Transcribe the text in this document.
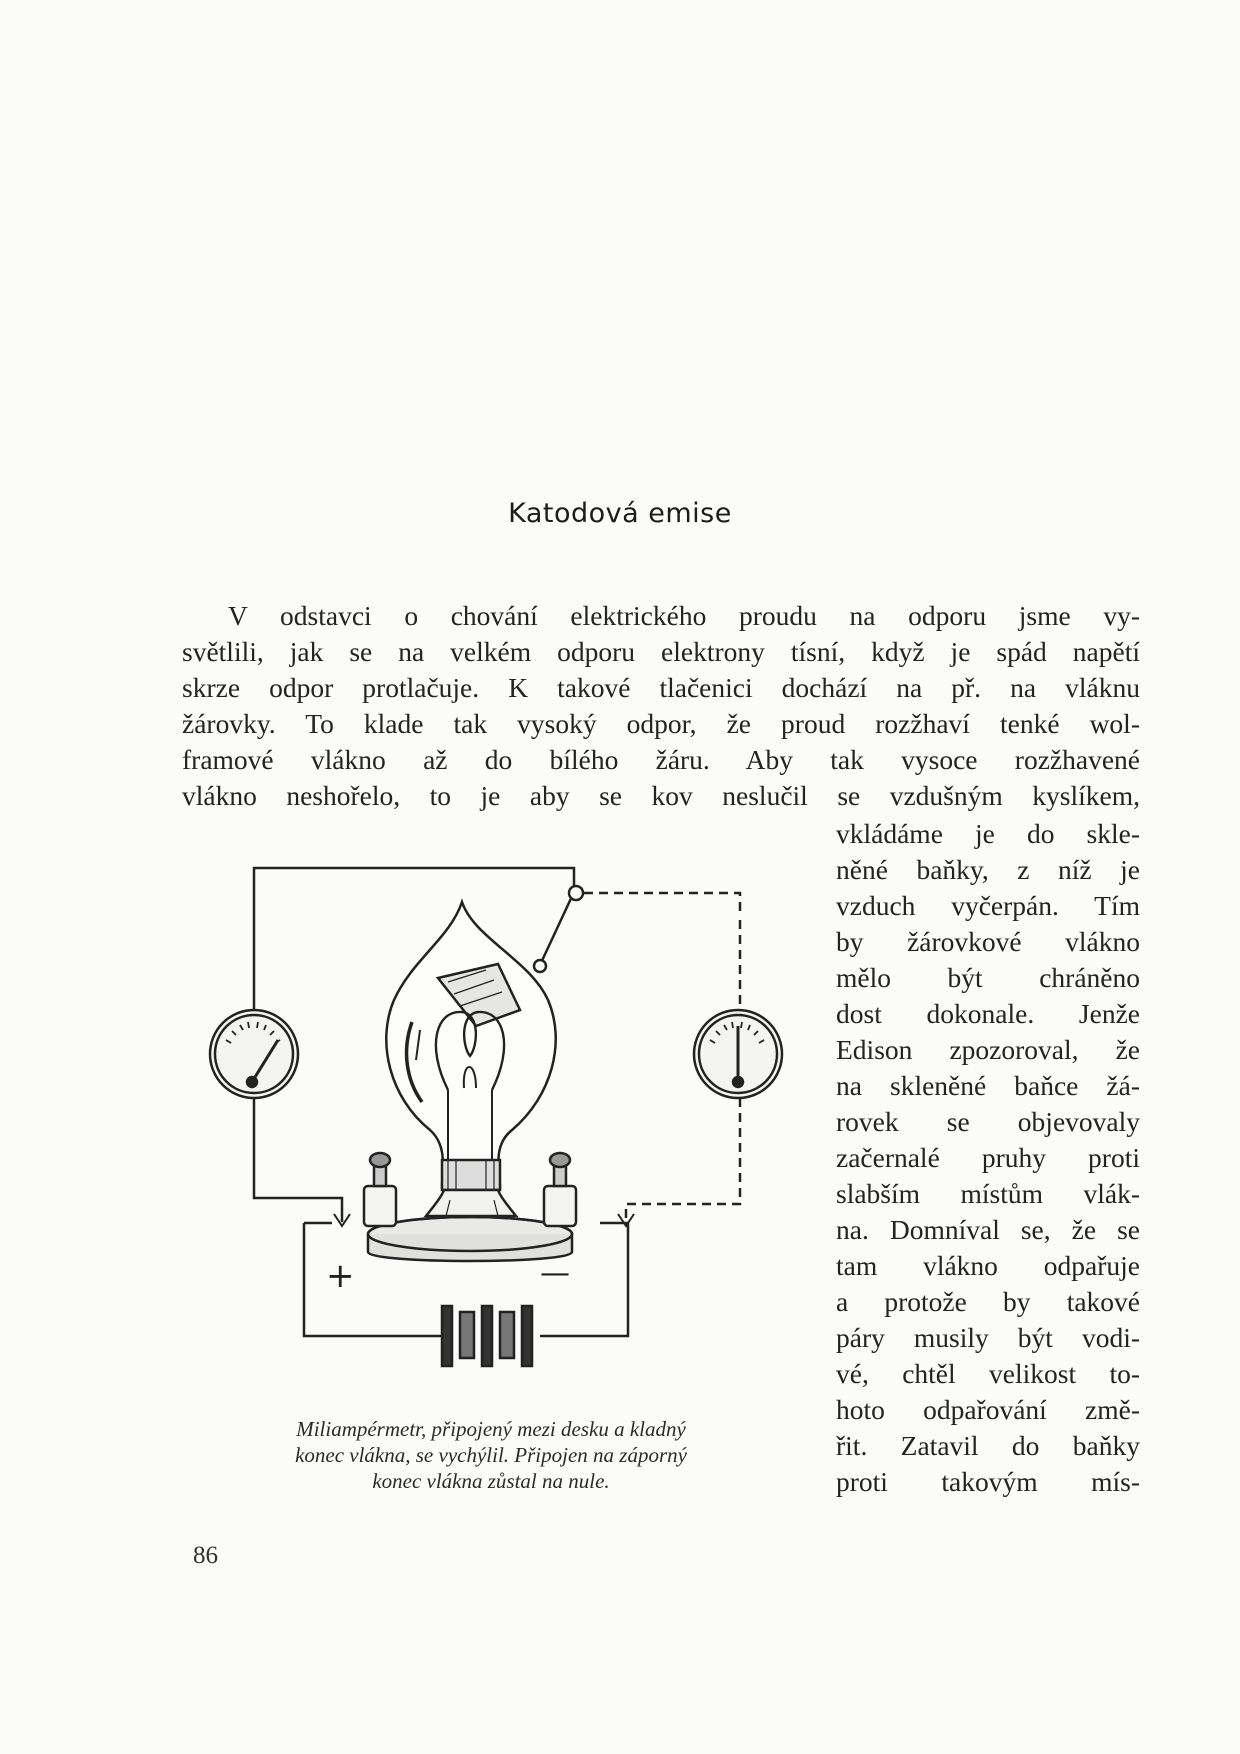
Katodová emise
V odstavci o chování elektrického proudu na odporu jsme vy-
světlili, jak se na velkém odporu elektrony tísní, když je spád napětí
skrze odpor protlačuje. K takové tlačenici dochází na př. na vláknu
žárovky. To klade tak vysoký odpor, že proud rozžhaví tenké wol-
framové vlákno až do bílého žáru. Aby tak vysoce rozžhavené
vlákno neshořelo, to je aby se kov neslučil se vzdušným kyslíkem,
vkládáme je do skle-
něné baňky, z níž je
vzduch vyčerpán. Tím
by žárovkové vlákno
mělo být chráněno
dost dokonale. Jenže
Edison zpozoroval, že
na skleněné baňce žá-
rovek se objevovaly
začernalé pruhy proti
slabším místům vlák-
na. Domníval se, že se
tam vlákno odpařuje
a protože by takové
páry musily být vodi-
vé, chtěl velikost to-
hoto odpařování změ-
řit. Zatavil do baňky
proti takovým mís-
+	—
Miliampérmetr, připojený mezi desku a kladný
konec vlákna, se vychýlil. Připojen na záporný
konec vlákna zůstal na nule.
86
